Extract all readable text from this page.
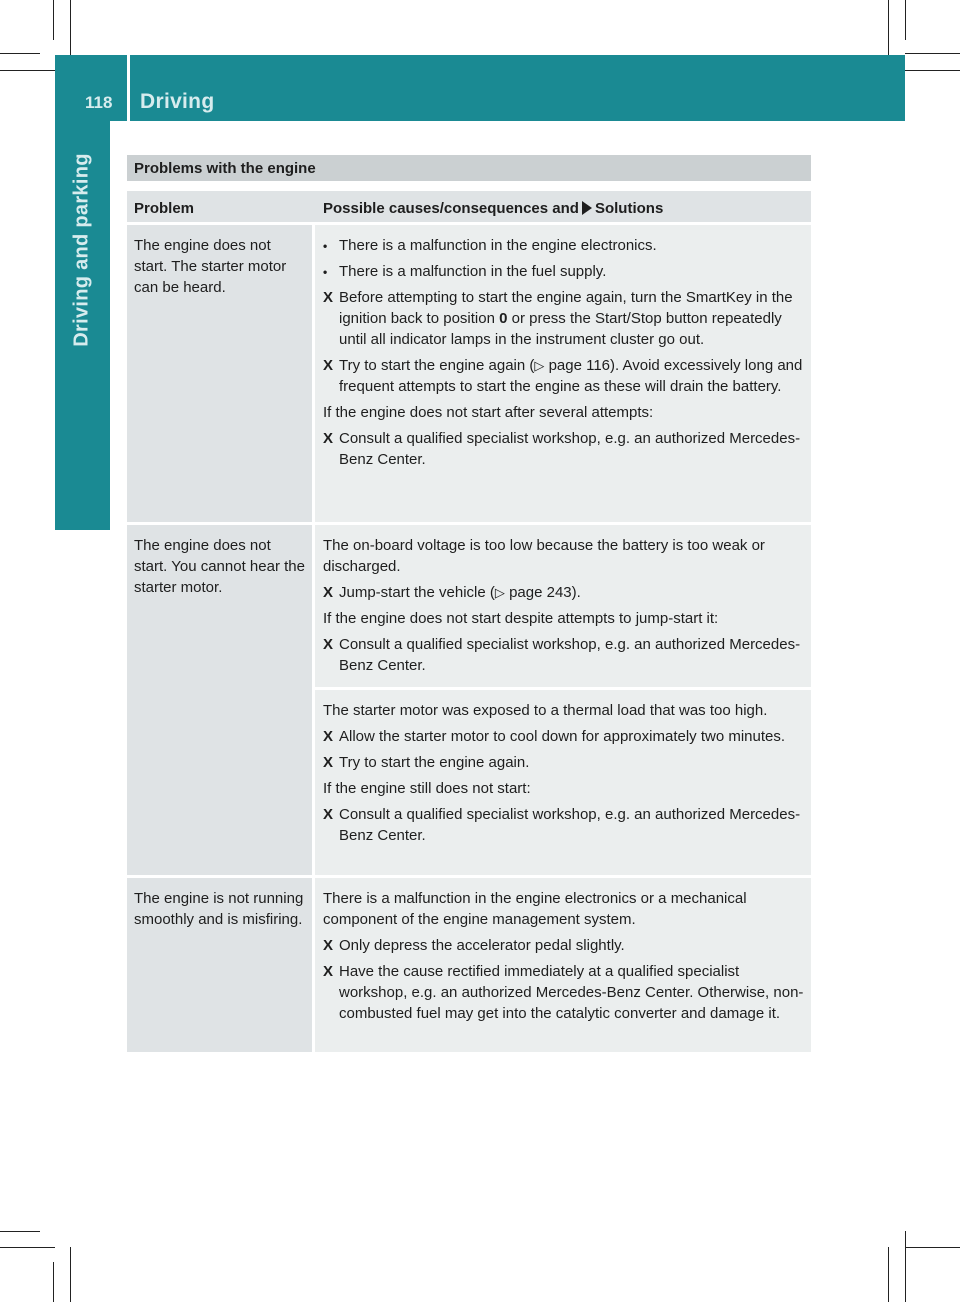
Driving and parking
118 Driving
Problems with the engine
Problem	Possible causes/consequences and Solutions
The engine does not start. The starter motor can be heard.
• There is a malfunction in the engine electronics.
• There is a malfunction in the fuel supply.
X Before attempting to start the engine again, turn the SmartKey in the ignition back to position 0 or press the Start/Stop button repeatedly until all indicator lamps in the instrument cluster go out.
X Try to start the engine again (▷ page 116). Avoid excessively long and frequent attempts to start the engine as these will drain the battery.
If the engine does not start after several attempts:
X Consult a qualified specialist workshop, e.g. an authorized Mercedes-Benz Center.
The engine does not start. You cannot hear the starter motor.
The on-board voltage is too low because the battery is too weak or discharged.
X Jump-start the vehicle (▷ page 243).
If the engine does not start despite attempts to jump-start it:
X Consult a qualified specialist workshop, e.g. an authorized Mercedes-Benz Center.
The starter motor was exposed to a thermal load that was too high.
X Allow the starter motor to cool down for approximately two minutes.
X Try to start the engine again.
If the engine still does not start:
X Consult a qualified specialist workshop, e.g. an authorized Mercedes-Benz Center.
The engine is not running smoothly and is misfiring.
There is a malfunction in the engine electronics or a mechanical component of the engine management system.
X Only depress the accelerator pedal slightly.
X Have the cause rectified immediately at a qualified specialist workshop, e.g. an authorized Mercedes-Benz Center. Otherwise, non-combusted fuel may get into the catalytic converter and damage it.
